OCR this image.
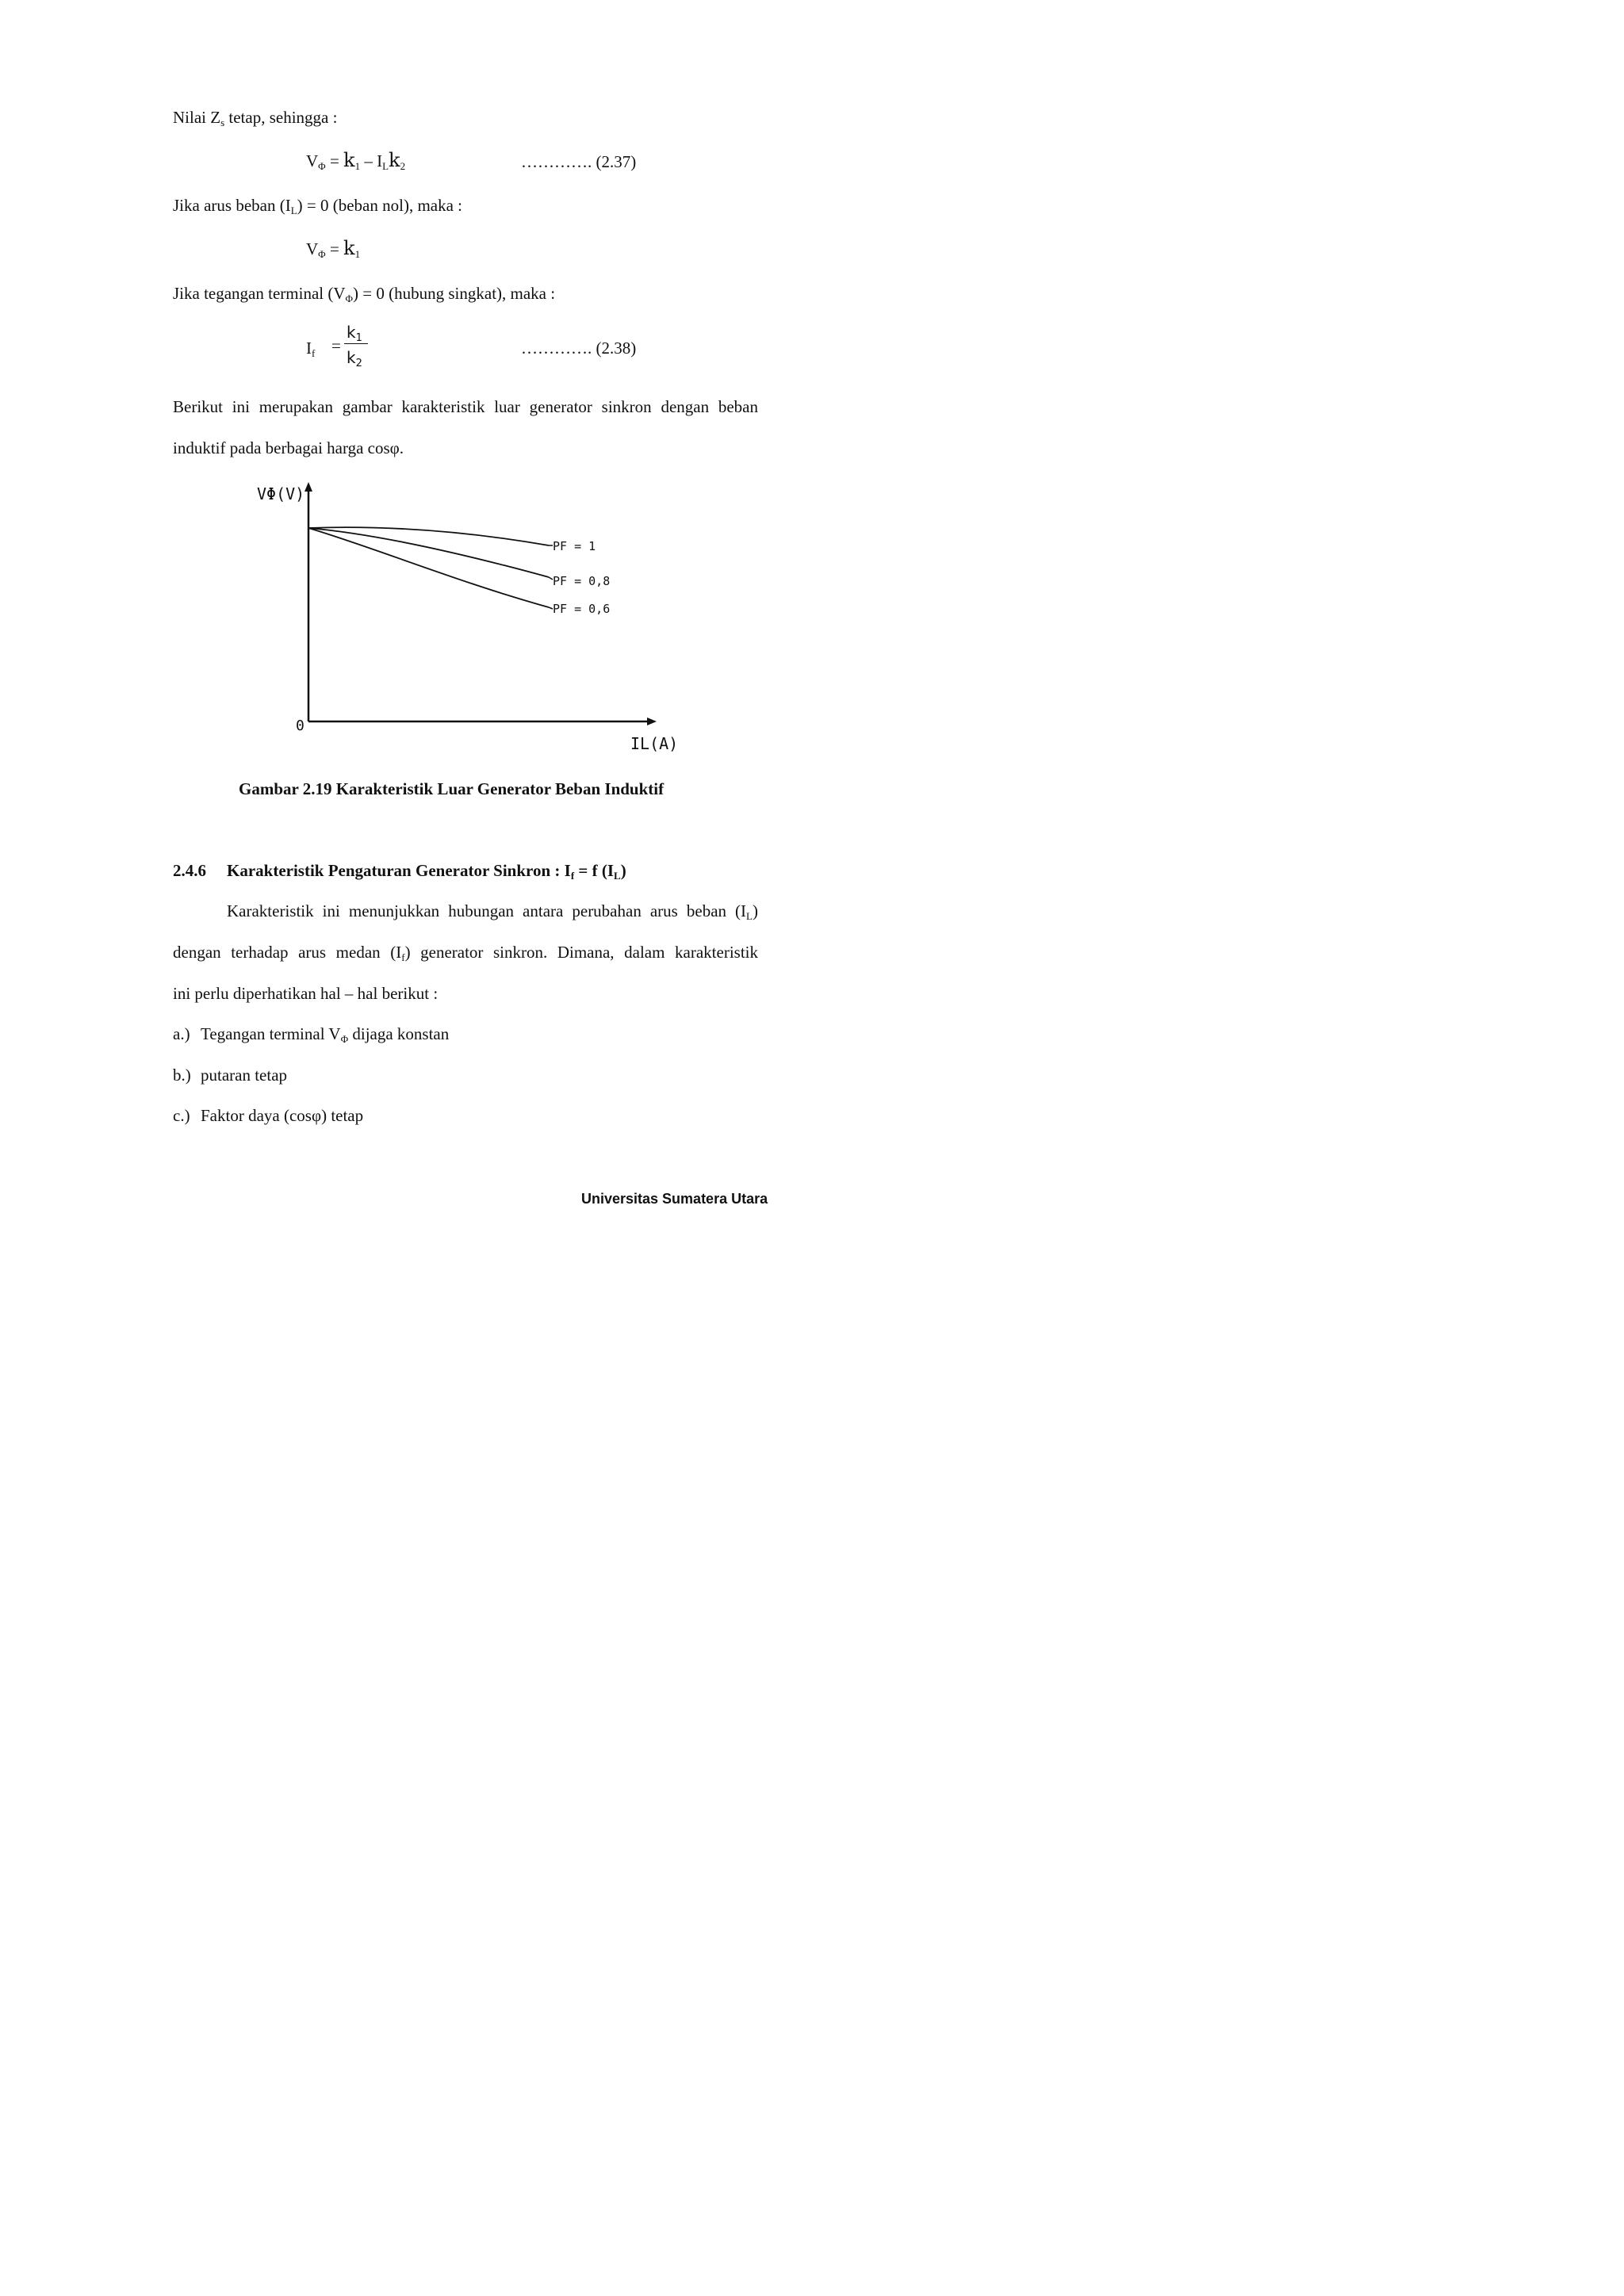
Nilai $Z_s$ tetap, sehingga :
$V_\Phi = k_1 - I_Lk_2$	…………. (2.37)
Jika arus beban $(I_L) = 0$ (beban nol), maka :
$V_\Phi = k_1$
Jika tegangan terminal $(V_\Phi) = 0$ (hubung singkat), maka :
$I_f$ =
$k_1$
$k_2$
…………. (2.38)
Berikut ini merupakan gambar karakteristik luar generator sinkron dengan beban
induktif pada berbagai harga cosφ.
VΦ(V)
IL(A)
0
PF = 1
PF = 0,8
PF = 0,6
Gambar 2.19 Karakteristik Luar Generator Beban Induktif
2.4.6 Karakteristik Pengaturan Generator Sinkron : $I_f = f$ $(I_L)$
Karakteristik ini menunjukkan hubungan antara perubahan arus beban $(I_L)$
dengan terhadap arus medan $(I_f)$ generator sinkron. Dimana, dalam karakteristik
ini perlu diperhatikan hal – hal berikut :
a.) Tegangan terminal $V_\Phi$ dijaga konstan
b.) putaran tetap
c.) Faktor daya (cosφ) tetap
Universitas Sumatera Utara
